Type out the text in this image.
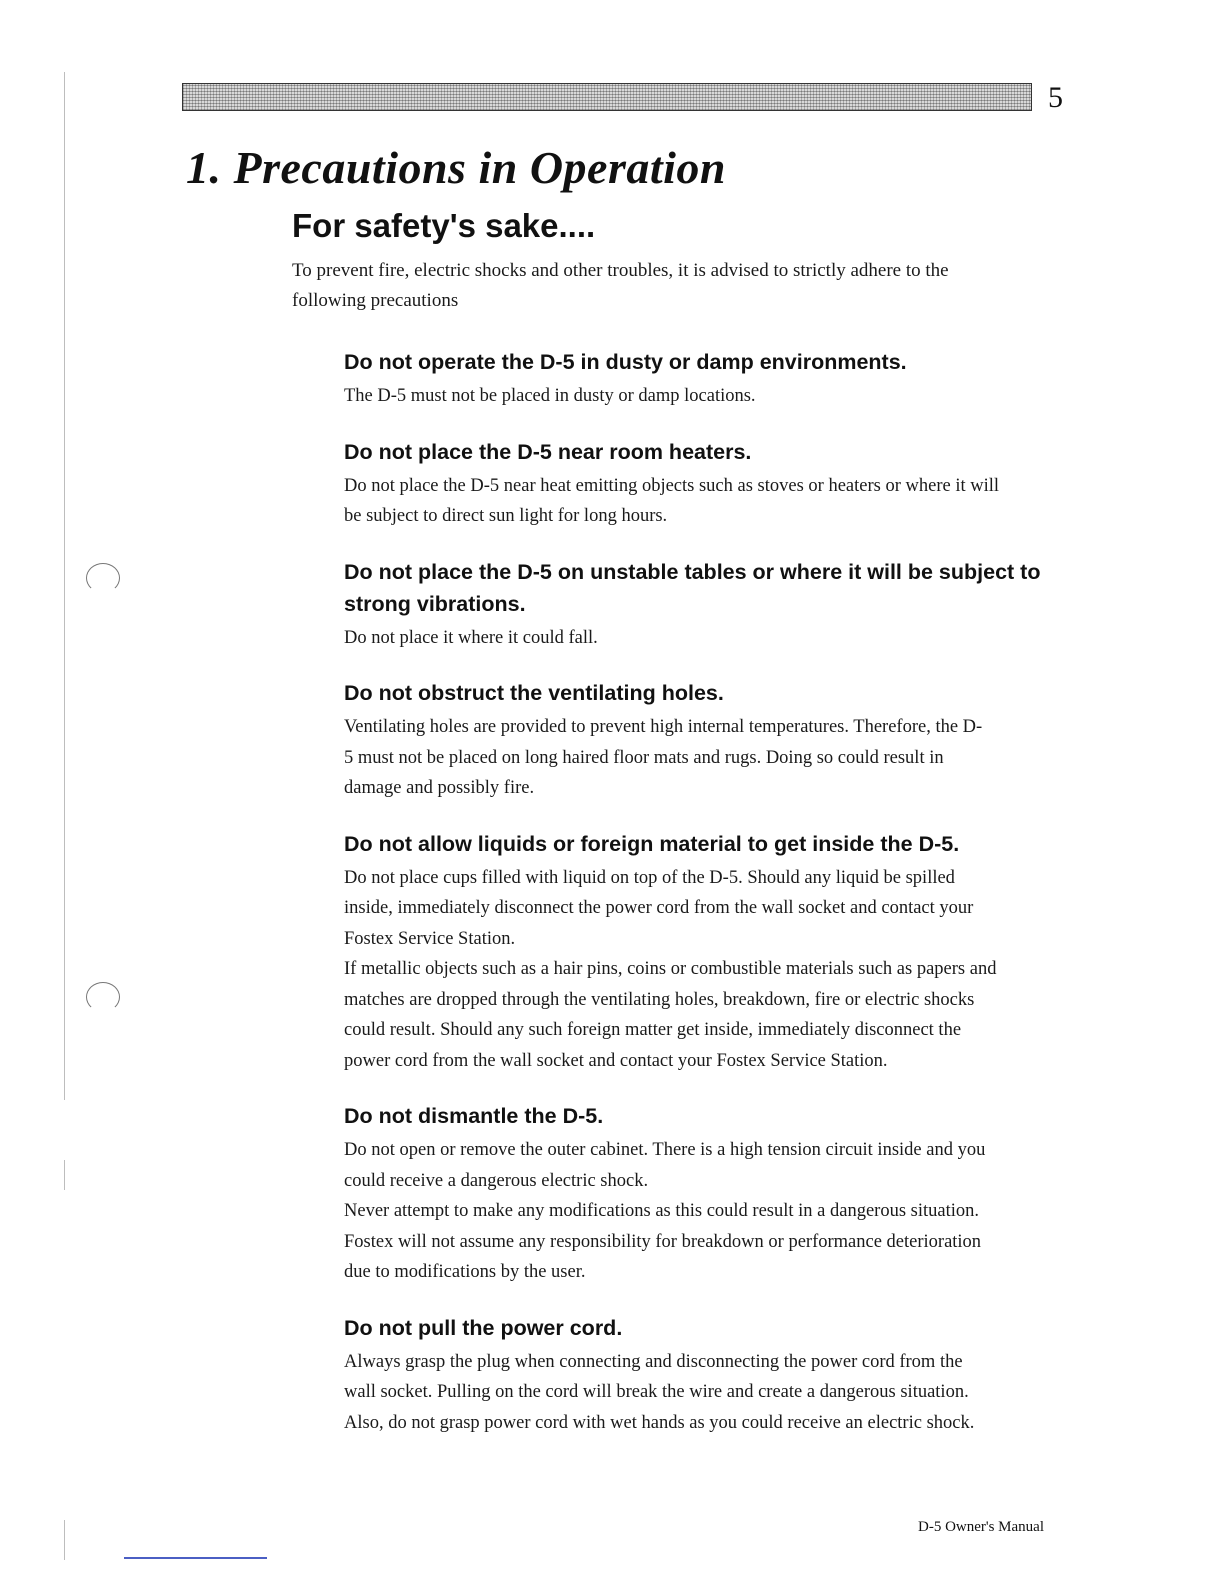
5
1. Precautions in Operation
For safety's sake....

To prevent fire, electric shocks and other troubles, it is advised to strictly adhere to the
following precautions

Do not operate the D-5 in dusty or damp environments.

The D-5 must not be placed in dusty or damp locations.

Do not place the D-5 near room heaters.

Do not place the D-5 near heat emitting objects such as stoves or heaters or where it will
be subject to direct sun light for long hours.

Do not place the D-5 on unstable tables or where it will be subject to
strong vibrations.

Do not place it where it could fall.

Do not obstruct the ventilating holes.

Ventilating holes are provided to prevent high internal temperatures. Therefore, the D-
5 must not be placed on long haired floor mats and rugs. Doing so could result in
damage and possibly fire.

Do not allow liquids or foreign material to get inside the D-5.

Do not place cups filled with liquid on top of the D-5. Should any liquid be spilled
inside, immediately disconnect the power cord from the wall socket and contact your
Fostex Service Station.
If metallic objects such as a hair pins, coins or combustible materials such as papers and
matches are dropped through the ventilating holes, breakdown, fire or electric shocks
could result. Should any such foreign matter get inside, immediately disconnect the
power cord from the wall socket and contact your Fostex Service Station.

Do not dismantle the D-5.

Do not open or remove the outer cabinet. There is a high tension circuit inside and you
could receive a dangerous electric shock.
Never attempt to make any modifications as this could result in a dangerous situation.
Fostex will not assume any responsibility for breakdown or performance deterioration
due to modifications by the user.

Do not pull the power cord.

Always grasp the plug when connecting and disconnecting the power cord from the
wall socket. Pulling on the cord will break the wire and create a dangerous situation.
Also, do not grasp power cord with wet hands as you could receive an electric shock.

D-5 Owner's Manual
